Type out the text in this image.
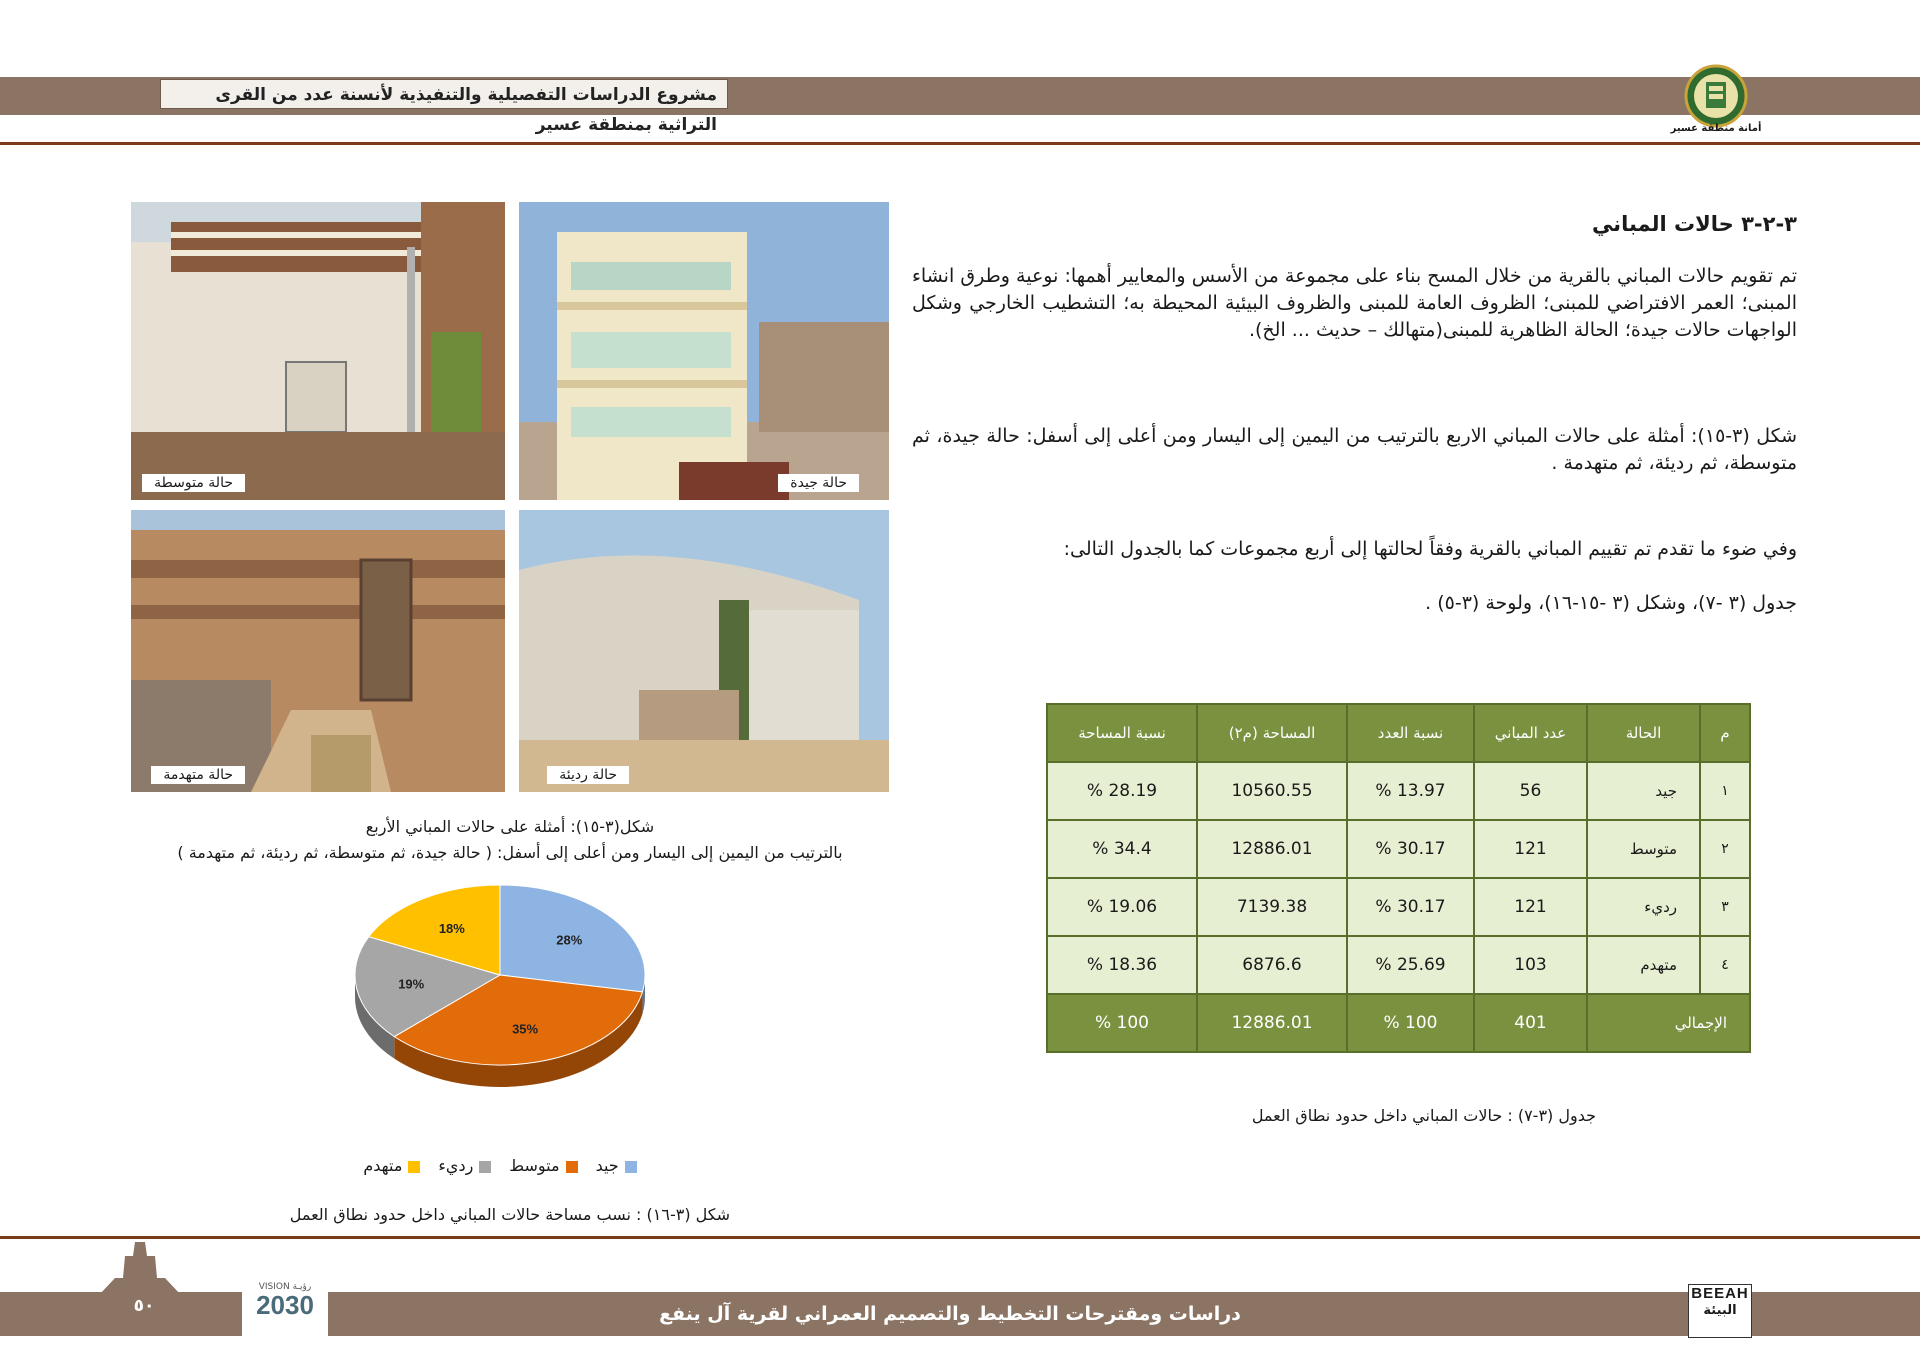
مشروع الدراسات التفصيلية والتنفيذية لأنسنة عدد من القرى التراثية بمنطقة عسير	أمانة منطقة عسير
٣-٢-٣ حالات المباني
تم تقويم حالات المباني بالقرية من خلال المسح بناء على مجموعة من الأسس والمعايير أهمها: نوعية وطرق انشاء المبنى؛ العمر الافتراضي للمبنى؛ الظروف العامة للمبنى والظروف البيئية المحيطة به؛ التشطيب الخارجي وشكل الواجهات حالات جيدة؛ الحالة الظاهرية للمبنى(متهالك – حديث ... الخ).
شكل (٣-١٥): أمثلة على حالات المباني الاربع بالترتيب من اليمين إلى اليسار ومن أعلى إلى أسفل: حالة جيدة، ثم متوسطة، ثم رديئة، ثم متهدمة .
وفي ضوء ما تقدم تم تقييم المباني بالقرية وفقاً لحالتها إلى أربع مجموعات كما بالجدول التالى:
جدول (٣ -٧)، وشكل (٣ -١٥-١٦)، ولوحة (٣-٥) .
م	الحالة	عدد المباني	نسبة العدد	المساحة (م٢)	نسبة المساحة
١	جيد	56	13.97 %	10560.55	28.19 %
٢	متوسط	121	30.17 %	12886.01	34.4 %
٣	رديء	121	30.17 %	7139.38	19.06 %
٤	متهدم	103	25.69 %	6876.6	18.36 %
الإجمالي		401	100 %	12886.01	100 %
جدول (٣-٧) : حالات المباني داخل حدود نطاق العمل
حالة جيدة
حالة متوسطة
حالة رديئة
حالة متهدمة
شكل(٣-١٥): أمثلة على حالات المباني الأربع
بالترتيب من اليمين إلى اليسار ومن أعلى إلى أسفل: ( حالة جيدة، ثم متوسطة، ثم رديئة، ثم متهدمة )
28%
35%
19%
18%
جيد
متوسط
رديء
متهدم
شكل (٣-١٦) : نسب مساحة حالات المباني داخل حدود نطاق العمل
دراسات ومقترحات التخطيط والتصميم العمراني لقرية آل ينفع
٥٠
VISION رؤيـة
2030	BEEAH
البيئة
